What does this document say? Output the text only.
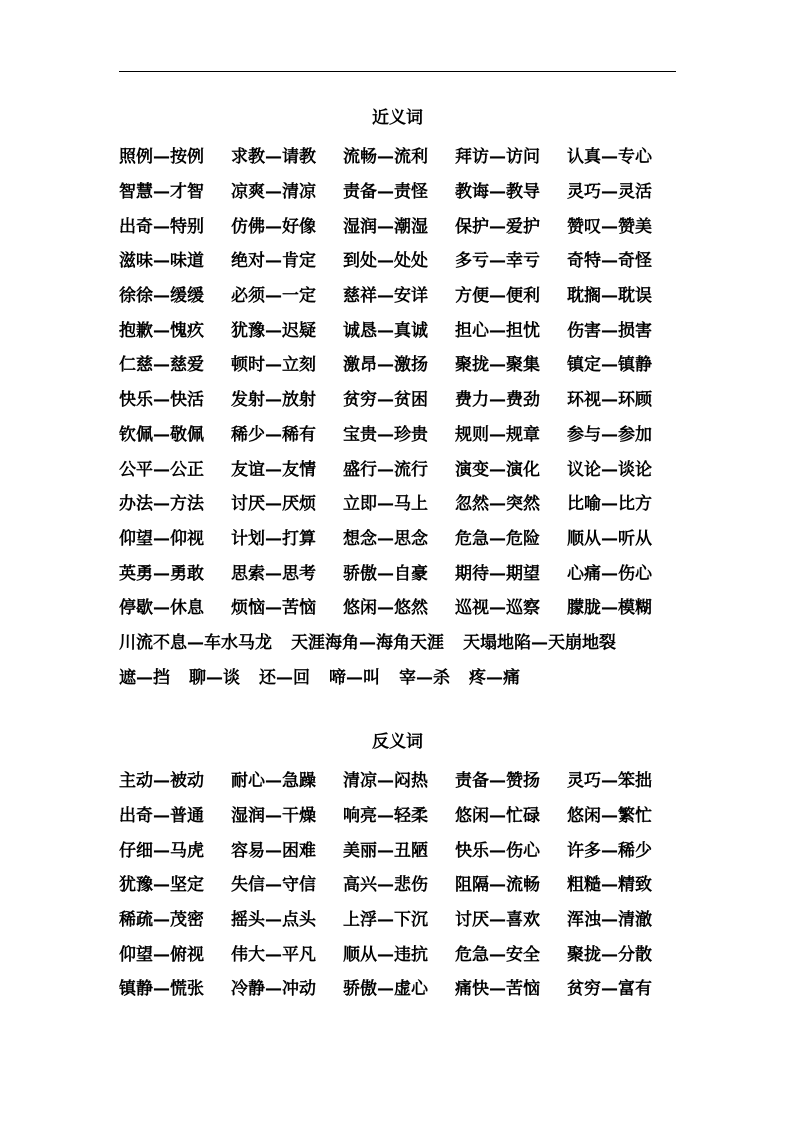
近义词
照例—按例	求教—请教	流畅—流利	拜访—访问	认真—专心
智慧—才智	凉爽—清凉	责备—责怪	教诲—教导	灵巧—灵活
出奇—特别	仿佛—好像	湿润—潮湿	保护—爱护	赞叹—赞美
滋味—味道	绝对—肯定	到处—处处	多亏—幸亏	奇特—奇怪
徐徐—缓缓	必须—一定	慈祥—安详	方便—便利	耽搁—耽误
抱歉—愧疚	犹豫—迟疑	诚恳—真诚	担心—担忧	伤害—损害
仁慈—慈爱	顿时—立刻	激昂—激扬	聚拢—聚集	镇定—镇静
快乐—快活	发射—放射	贫穷—贫困	费力—费劲	环视—环顾
钦佩—敬佩	稀少—稀有	宝贵—珍贵	规则—规章	参与—参加
公平—公正	友谊—友情	盛行—流行	演变—演化	议论—谈论
办法—方法	讨厌—厌烦	立即—马上	忽然—突然	比喻—比方
仰望—仰视	计划—打算	想念—思念	危急—危险	顺从—听从
英勇—勇敢	思索—思考	骄傲—自豪	期待—期望	心痛—伤心
停歇—休息	烦恼—苦恼	悠闲—悠然	巡视—巡察	朦胧—模糊
川流不息—车水马龙 天涯海角—海角天涯 天塌地陷—天崩地裂
遮—挡 聊—谈 还—回 啼—叫 宰—杀 疼—痛
反义词
主动—被动	耐心—急躁	清凉—闷热	责备—赞扬	灵巧—笨拙
出奇—普通	湿润—干燥	响亮—轻柔	悠闲—忙碌	悠闲—繁忙
仔细—马虎	容易—困难	美丽—丑陋	快乐—伤心	许多—稀少
犹豫—坚定	失信—守信	高兴—悲伤	阻隔—流畅	粗糙—精致
稀疏—茂密	摇头—点头	上浮—下沉	讨厌—喜欢	浑浊—清澈
仰望—俯视	伟大—平凡	顺从—违抗	危急—安全	聚拢—分散
镇静—慌张	冷静—冲动	骄傲—虚心	痛快—苦恼	贫穷—富有
